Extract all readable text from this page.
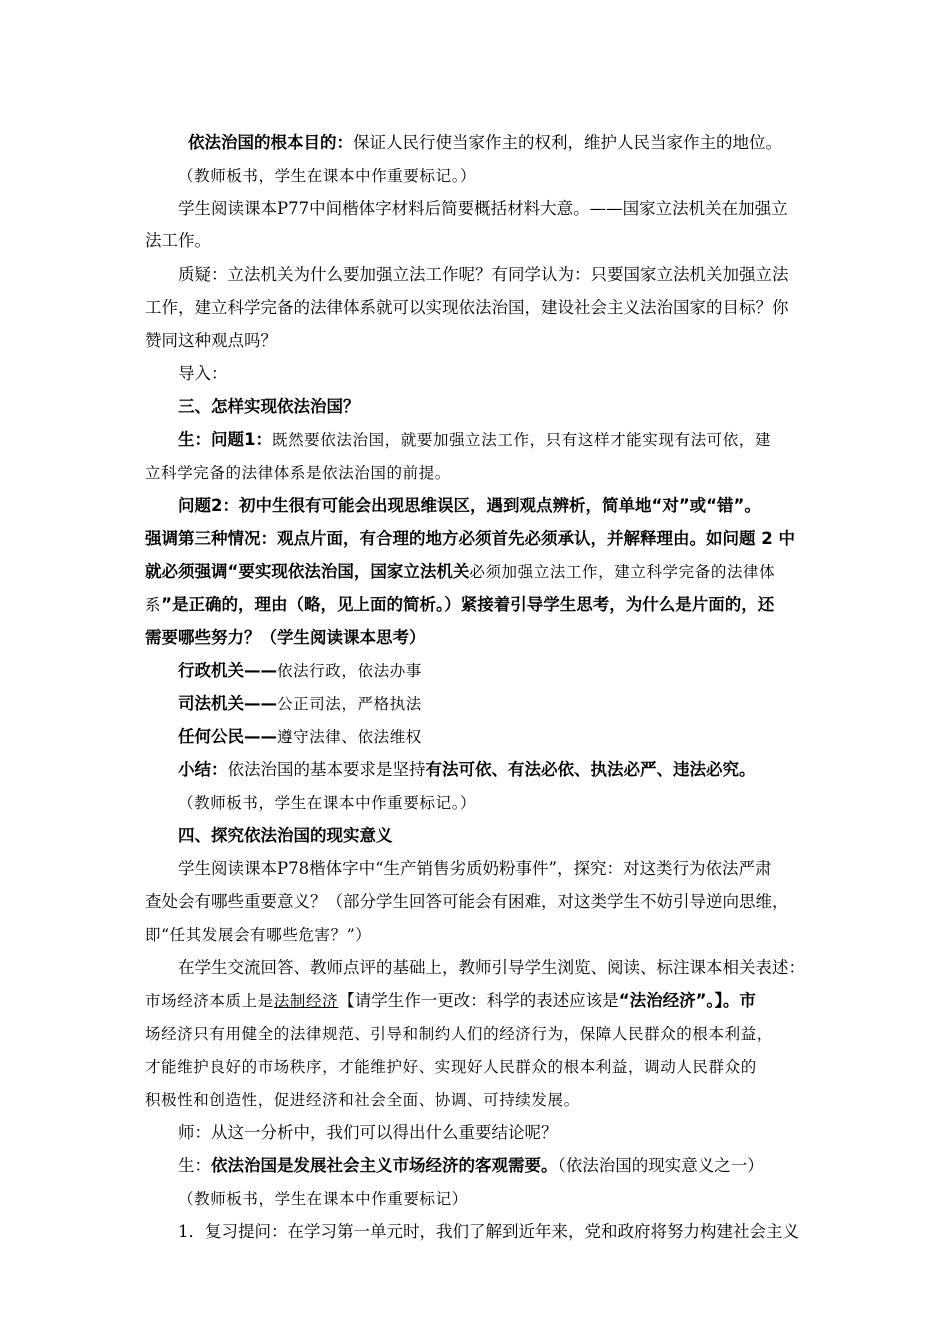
依法治国的根本目的：保证人民行使当家作主的权利，维护人民当家作主的地位。
（教师板书，学生在课本中作重要标记。）
学生阅读课本P77中间楷体字材料后简要概括材料大意。——国家立法机关在加强立
法工作。
质疑：立法机关为什么要加强立法工作呢？有同学认为：只要国家立法机关加强立法
工作，建立科学完备的法律体系就可以实现依法治国，建设社会主义法治国家的目标？你
赞同这种观点吗？
导入：
三、怎样实现依法治国？
生：问题1：既然要依法治国，就要加强立法工作，只有这样才能实现有法可依，建
立科学完备的法律体系是依法治国的前提。
问题2：初中生很有可能会出现思维误区，遇到观点辨析，简单地“对”或“错”。
强调第三种情况：观点片面，有合理的地方必须首先必须承认，并解释理由。如问题 2 中
就必须强调“要实现依法治国，国家立法机关必须加强立法工作，建立科学完备的法律体
系”是正确的，理由（略，见上面的简析。）紧接着引导学生思考，为什么是片面的，还
需要哪些努力？（学生阅读课本思考）
行政机关——依法行政，依法办事
司法机关——公正司法，严格执法
任何公民——遵守法律、依法维权
小结：依法治国的基本要求是坚持有法可依、有法必依、执法必严、违法必究。
（教师板书，学生在课本中作重要标记。）
四、探究依法治国的现实意义
学生阅读课本P78楷体字中“生产销售劣质奶粉事件”，探究：对这类行为依法严肃
查处会有哪些重要意义？（部分学生回答可能会有困难，对这类学生不妨引导逆向思维，
即“任其发展会有哪些危害？”）
在学生交流回答、教师点评的基础上，教师引导学生浏览、阅读、标注课本相关表述：
市场经济本质上是法制经济【请学生作一更改：科学的表述应该是“法治经济”。】。市
场经济只有用健全的法律规范、引导和制约人们的经济行为，保障人民群众的根本利益，
才能维护良好的市场秩序，才能维护好、实现好人民群众的根本利益，调动人民群众的
积极性和创造性，促进经济和社会全面、协调、可持续发展。
师：从这一分析中，我们可以得出什么重要结论呢？
生：依法治国是发展社会主义市场经济的客观需要。（依法治国的现实意义之一）
（教师板书，学生在课本中作重要标记）
1．复习提问：在学习第一单元时，我们了解到近年来，党和政府将努力构建社会主义
